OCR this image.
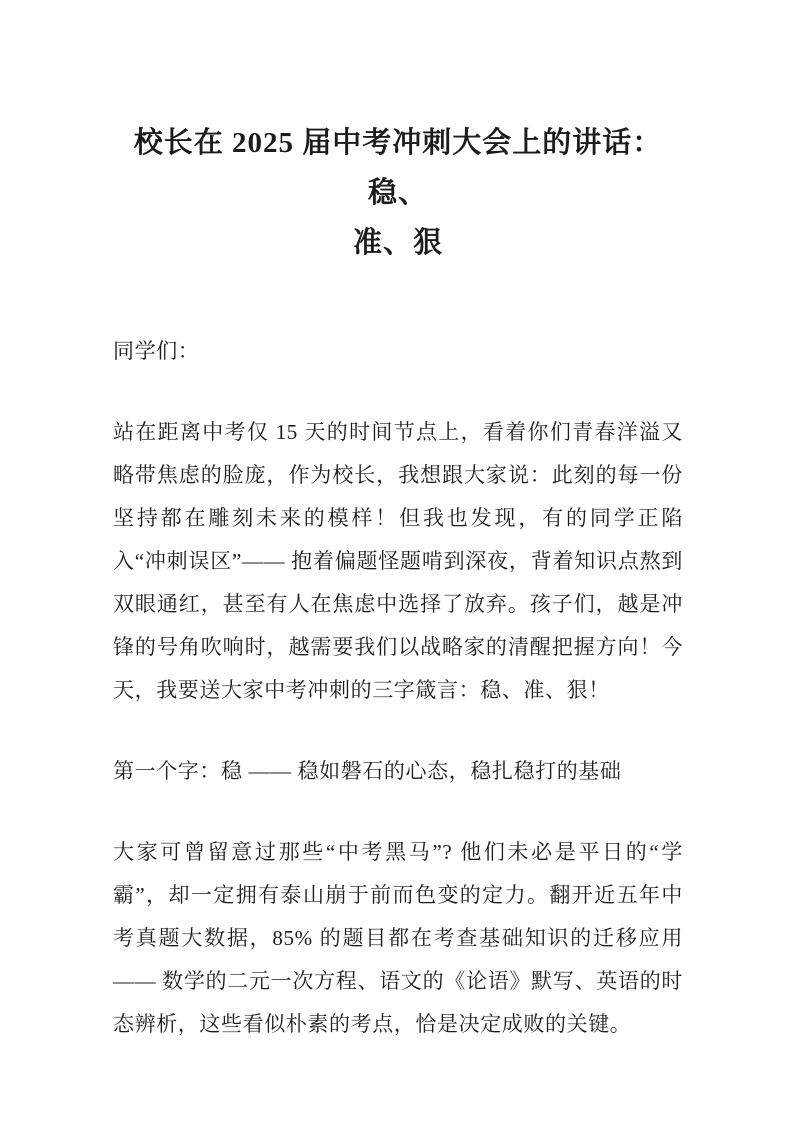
校长在 2025 届中考冲刺大会上的讲话：稳、
准、狠

同学们：

站在距离中考仅 15 天的时间节点上，看着你们青春洋溢又略带焦虑的脸庞，作为校长，我想跟大家说：此刻的每一份坚持都在雕刻未来的模样！但我也发现，有的同学正陷入“冲刺误区”—— 抱着偏题怪题啃到深夜，背着知识点熬到双眼通红，甚至有人在焦虑中选择了放弃。孩子们，越是冲锋的号角吹响时，越需要我们以战略家的清醒把握方向！今天，我要送大家中考冲刺的三字箴言：稳、准、狠！

第一个字：稳 —— 稳如磐石的心态，稳扎稳打的基础

大家可曾留意过那些“中考黑马”? 他们未必是平日的“学霸”，却一定拥有泰山崩于前而色变的定力。翻开近五年中考真题大数据，85% 的题目都在考查基础知识的迁移应用—— 数学的二元一次方程、语文的《论语》默写、英语的时态辨析，这些看似朴素的考点，恰是决定成败的关键。
